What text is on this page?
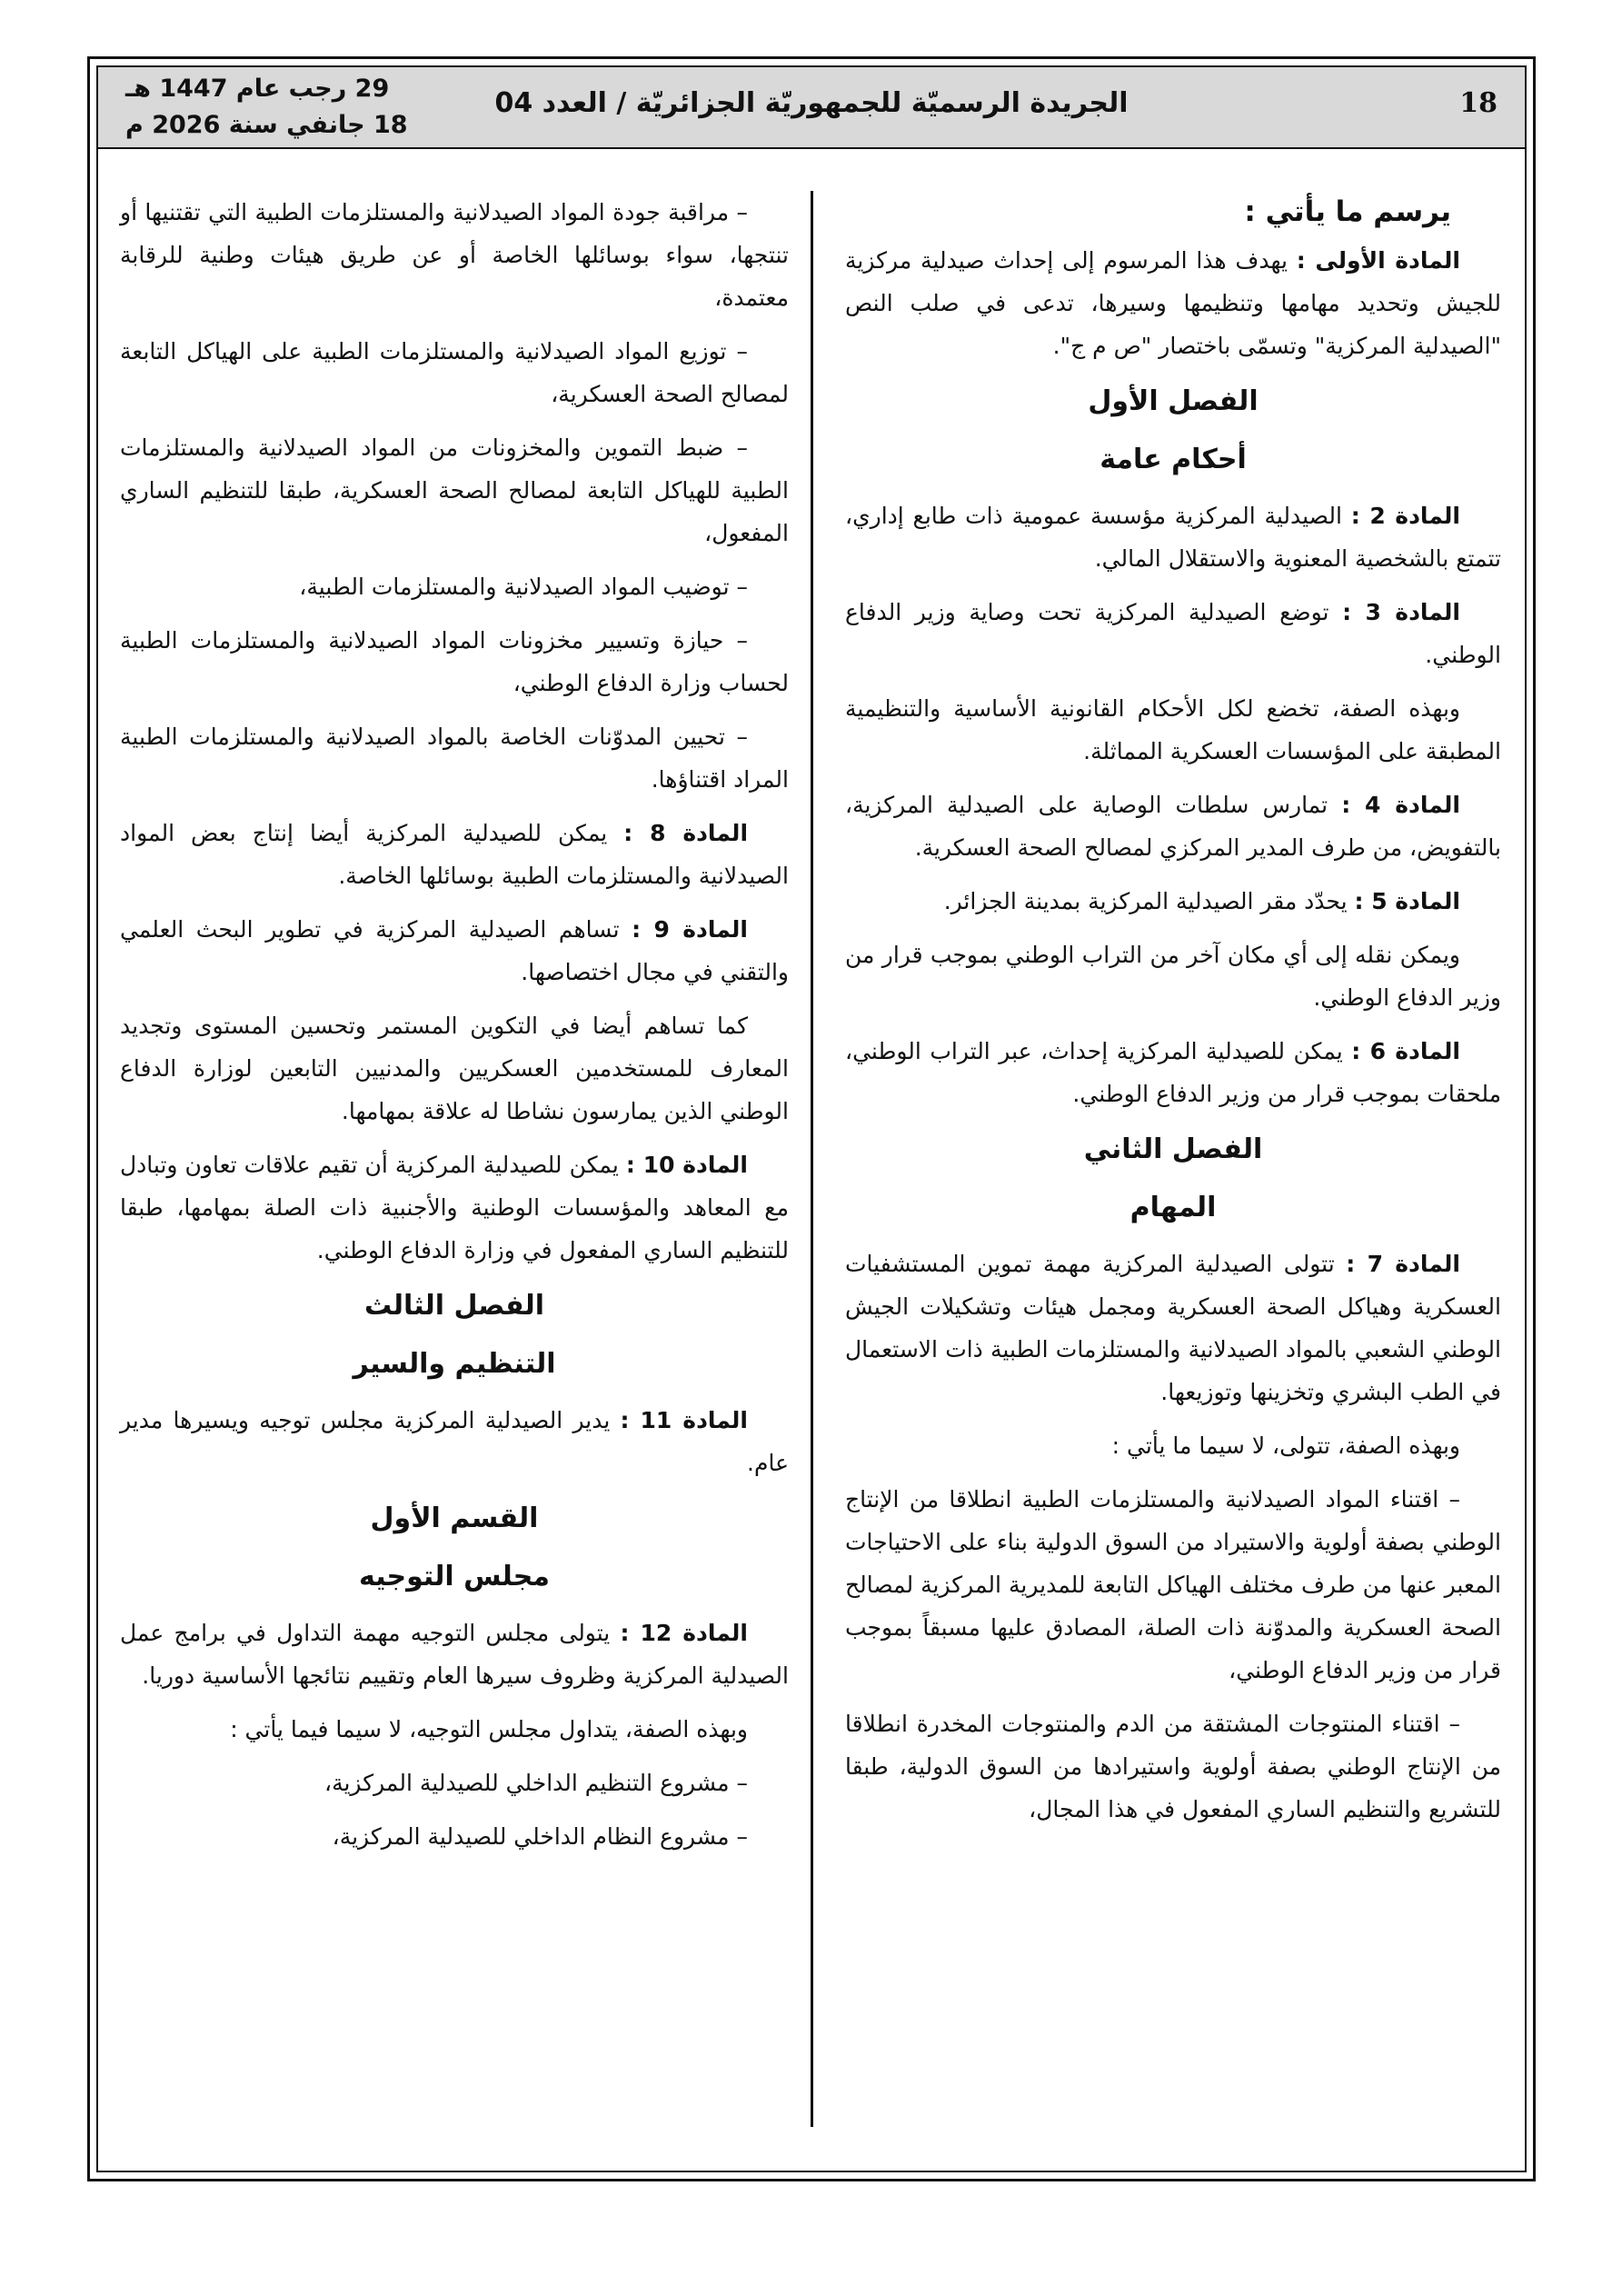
18
الجريدة الرسميّة للجمهوريّة الجزائريّة / العدد 04
29 رجب عام 1447 هـ
18 جانفي سنة 2026 م

يرسم ما يأتي :

المادة الأولى : يهدف هذا المرسوم إلى إحداث صيدلية مركزية للجيش وتحديد مهامها وتنظيمها وسيرها، تدعى في صلب النص "الصيدلية المركزية" وتسمّى باختصار "ص م ج".

الفصل الأول

أحكام عامة

المادة 2 : الصيدلية المركزية مؤسسة عمومية ذات طابع إداري، تتمتع بالشخصية المعنوية والاستقلال المالي.

المادة 3 : توضع الصيدلية المركزية تحت وصاية وزير الدفاع الوطني.

وبهذه الصفة، تخضع لكل الأحكام القانونية الأساسية والتنظيمية المطبقة على المؤسسات العسكرية المماثلة.

المادة 4 : تمارس سلطات الوصاية على الصيدلية المركزية، بالتفويض، من طرف المدير المركزي لمصالح الصحة العسكرية.

المادة 5 : يحدّد مقر الصيدلية المركزية بمدينة الجزائر.

ويمكن نقله إلى أي مكان آخر من التراب الوطني بموجب قرار من وزير الدفاع الوطني.

المادة 6 : يمكن للصيدلية المركزية إحداث، عبر التراب الوطني، ملحقات بموجب قرار من وزير الدفاع الوطني.

الفصل الثاني

المهام

المادة 7 : تتولى الصيدلية المركزية مهمة تموين المستشفيات العسكرية وهياكل الصحة العسكرية ومجمل هيئات وتشكيلات الجيش الوطني الشعبي بالمواد الصيدلانية والمستلزمات الطبية ذات الاستعمال في الطب البشري وتخزينها وتوزيعها.

وبهذه الصفة، تتولى، لا سيما ما يأتي :

– اقتناء المواد الصيدلانية والمستلزمات الطبية انطلاقا من الإنتاج الوطني بصفة أولوية والاستيراد من السوق الدولية بناء على الاحتياجات المعبر عنها من طرف مختلف الهياكل التابعة للمديرية المركزية لمصالح الصحة العسكرية والمدوّنة ذات الصلة، المصادق عليها مسبقاً بموجب قرار من وزير الدفاع الوطني،

– اقتناء المنتوجات المشتقة من الدم والمنتوجات المخدرة انطلاقا من الإنتاج الوطني بصفة أولوية واستيرادها من السوق الدولية، طبقا للتشريع والتنظيم الساري المفعول في هذا المجال،

– مراقبة جودة المواد الصيدلانية والمستلزمات الطبية التي تقتنيها أو تنتجها، سواء بوسائلها الخاصة أو عن طريق هيئات وطنية للرقابة معتمدة،

– توزيع المواد الصيدلانية والمستلزمات الطبية على الهياكل التابعة لمصالح الصحة العسكرية،

– ضبط التموين والمخزونات من المواد الصيدلانية والمستلزمات الطبية للهياكل التابعة لمصالح الصحة العسكرية، طبقا للتنظيم الساري المفعول،

– توضيب المواد الصيدلانية والمستلزمات الطبية،

– حيازة وتسيير مخزونات المواد الصيدلانية والمستلزمات الطبية لحساب وزارة الدفاع الوطني،

– تحيين المدوّنات الخاصة بالمواد الصيدلانية والمستلزمات الطبية المراد اقتناؤها.

المادة 8 : يمكن للصيدلية المركزية أيضا إنتاج بعض المواد الصيدلانية والمستلزمات الطبية بوسائلها الخاصة.

المادة 9 : تساهم الصيدلية المركزية في تطوير البحث العلمي والتقني في مجال اختصاصها.

كما تساهم أيضا في التكوين المستمر وتحسين المستوى وتجديد المعارف للمستخدمين العسكريين والمدنيين التابعين لوزارة الدفاع الوطني الذين يمارسون نشاطا له علاقة بمهامها.

المادة 10 : يمكن للصيدلية المركزية أن تقيم علاقات تعاون وتبادل مع المعاهد والمؤسسات الوطنية والأجنبية ذات الصلة بمهامها، طبقا للتنظيم الساري المفعول في وزارة الدفاع الوطني.

الفصل الثالث

التنظيم والسير

المادة 11 : يدير الصيدلية المركزية مجلس توجيه ويسيرها مدير عام.

القسم الأول

مجلس التوجيه

المادة 12 : يتولى مجلس التوجيه مهمة التداول في برامج عمل الصيدلية المركزية وظروف سيرها العام وتقييم نتائجها الأساسية دوريا.

وبهذه الصفة، يتداول مجلس التوجيه، لا سيما فيما يأتي :

– مشروع التنظيم الداخلي للصيدلية المركزية،

– مشروع النظام الداخلي للصيدلية المركزية،
